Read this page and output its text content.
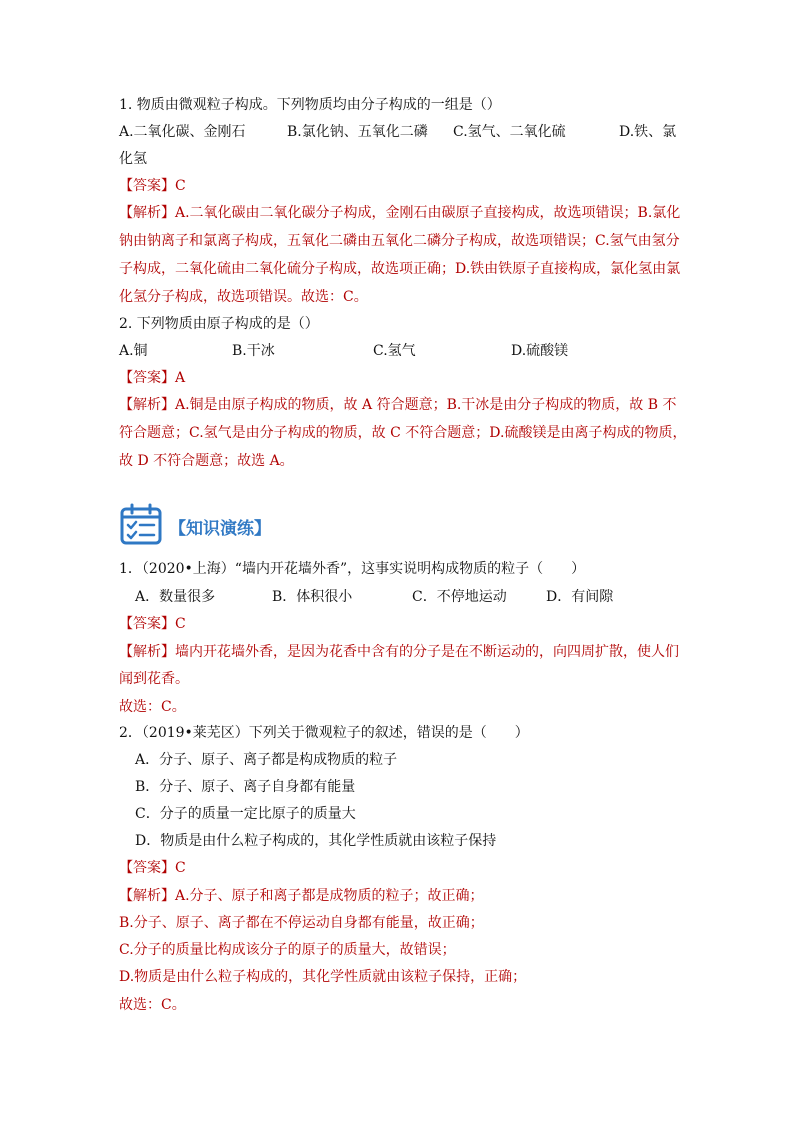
1. 物质由微观粒子构成。下列物质均由分子构成的一组是（）
A.二氧化碳、金刚石	B.氯化钠、五氧化二磷 C.氢气、二氧化硫	D.铁、氯
化氢
【答案】C
【解析】A.二氧化碳由二氧化碳分子构成，金刚石由碳原子直接构成，故选项错误；B.氯化
钠由钠离子和氯离子构成，五氧化二磷由五氧化二磷分子构成，故选项错误；C.氢气由氢分
子构成，二氧化硫由二氧化硫分子构成，故选项正确；D.铁由铁原子直接构成，氯化氢由氯
化氢分子构成，故选项错误。故选：C。
2. 下列物质由原子构成的是（）
A.铜	B.干冰	C.氢气	D.硫酸镁
【答案】A
【解析】A.铜是由原子构成的物质，故 A 符合题意；B.干冰是由分子构成的物质，故 B 不
符合题意；C.氢气是由分子构成的物质，故 C 不符合题意；D.硫酸镁是由离子构成的物质，
故 D 不符合题意；故选 A。
【知识演练】
1．（2020•上海）“墙内开花墙外香”，这事实说明构成物质的粒子（　　）
A．数量很多	B．体积很小	C．不停地运动	D．有间隙
【答案】C
【解析】墙内开花墙外香，是因为花香中含有的分子是在不断运动的，向四周扩散，使人们
闻到花香。
故选：C。
2．（2019•莱芜区）下列关于微观粒子的叙述，错误的是（　　）
A．分子、原子、离子都是构成物质的粒子
B．分子、原子、离子自身都有能量
C．分子的质量一定比原子的质量大
D．物质是由什么粒子构成的，其化学性质就由该粒子保持
【答案】C
【解析】A.分子、原子和离子都是成物质的粒子；故正确；
B.分子、原子、离子都在不停运动自身都有能量，故正确；
C.分子的质量比构成该分子的原子的质量大，故错误；
D.物质是由什么粒子构成的，其化学性质就由该粒子保持，正确；
故选：C。
